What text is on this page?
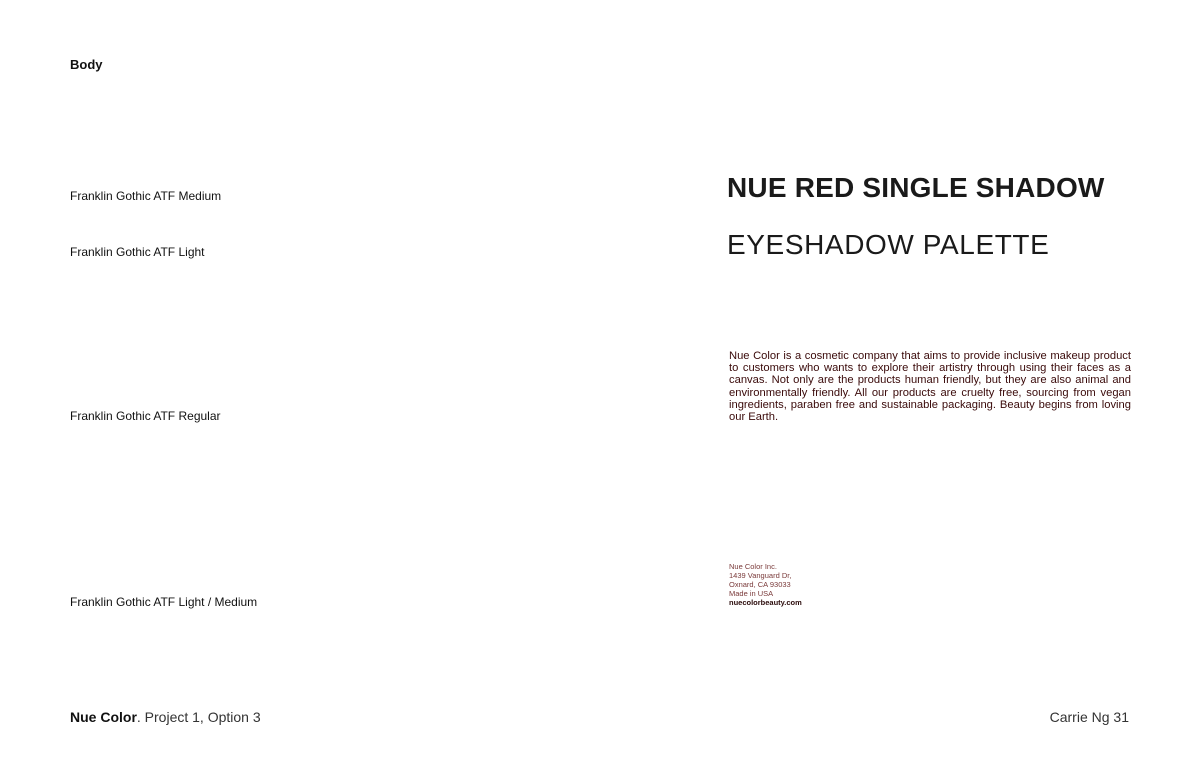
Body
Franklin Gothic ATF Medium
Franklin Gothic ATF Light
Franklin Gothic ATF Regular
Franklin Gothic ATF Light / Medium
NUE RED SINGLE SHADOW
EYESHADOW PALETTE
Nue Color is a cosmetic company that aims to provide inclusive makeup product to customers who wants to explore their artistry through using their faces as a canvas. Not only are the products human friendly, but they are also animal and environmentally friendly. All our products are cruelty free, sourcing from vegan ingredients, paraben free and sustainable packaging. Beauty begins from loving our Earth.
Nue Color Inc.
1439 Vanguard Dr,
Oxnard, CA 93033
Made in USA
nuecolorbeauty.com
Nue Color. Project 1, Option 3	Carrie Ng 31
